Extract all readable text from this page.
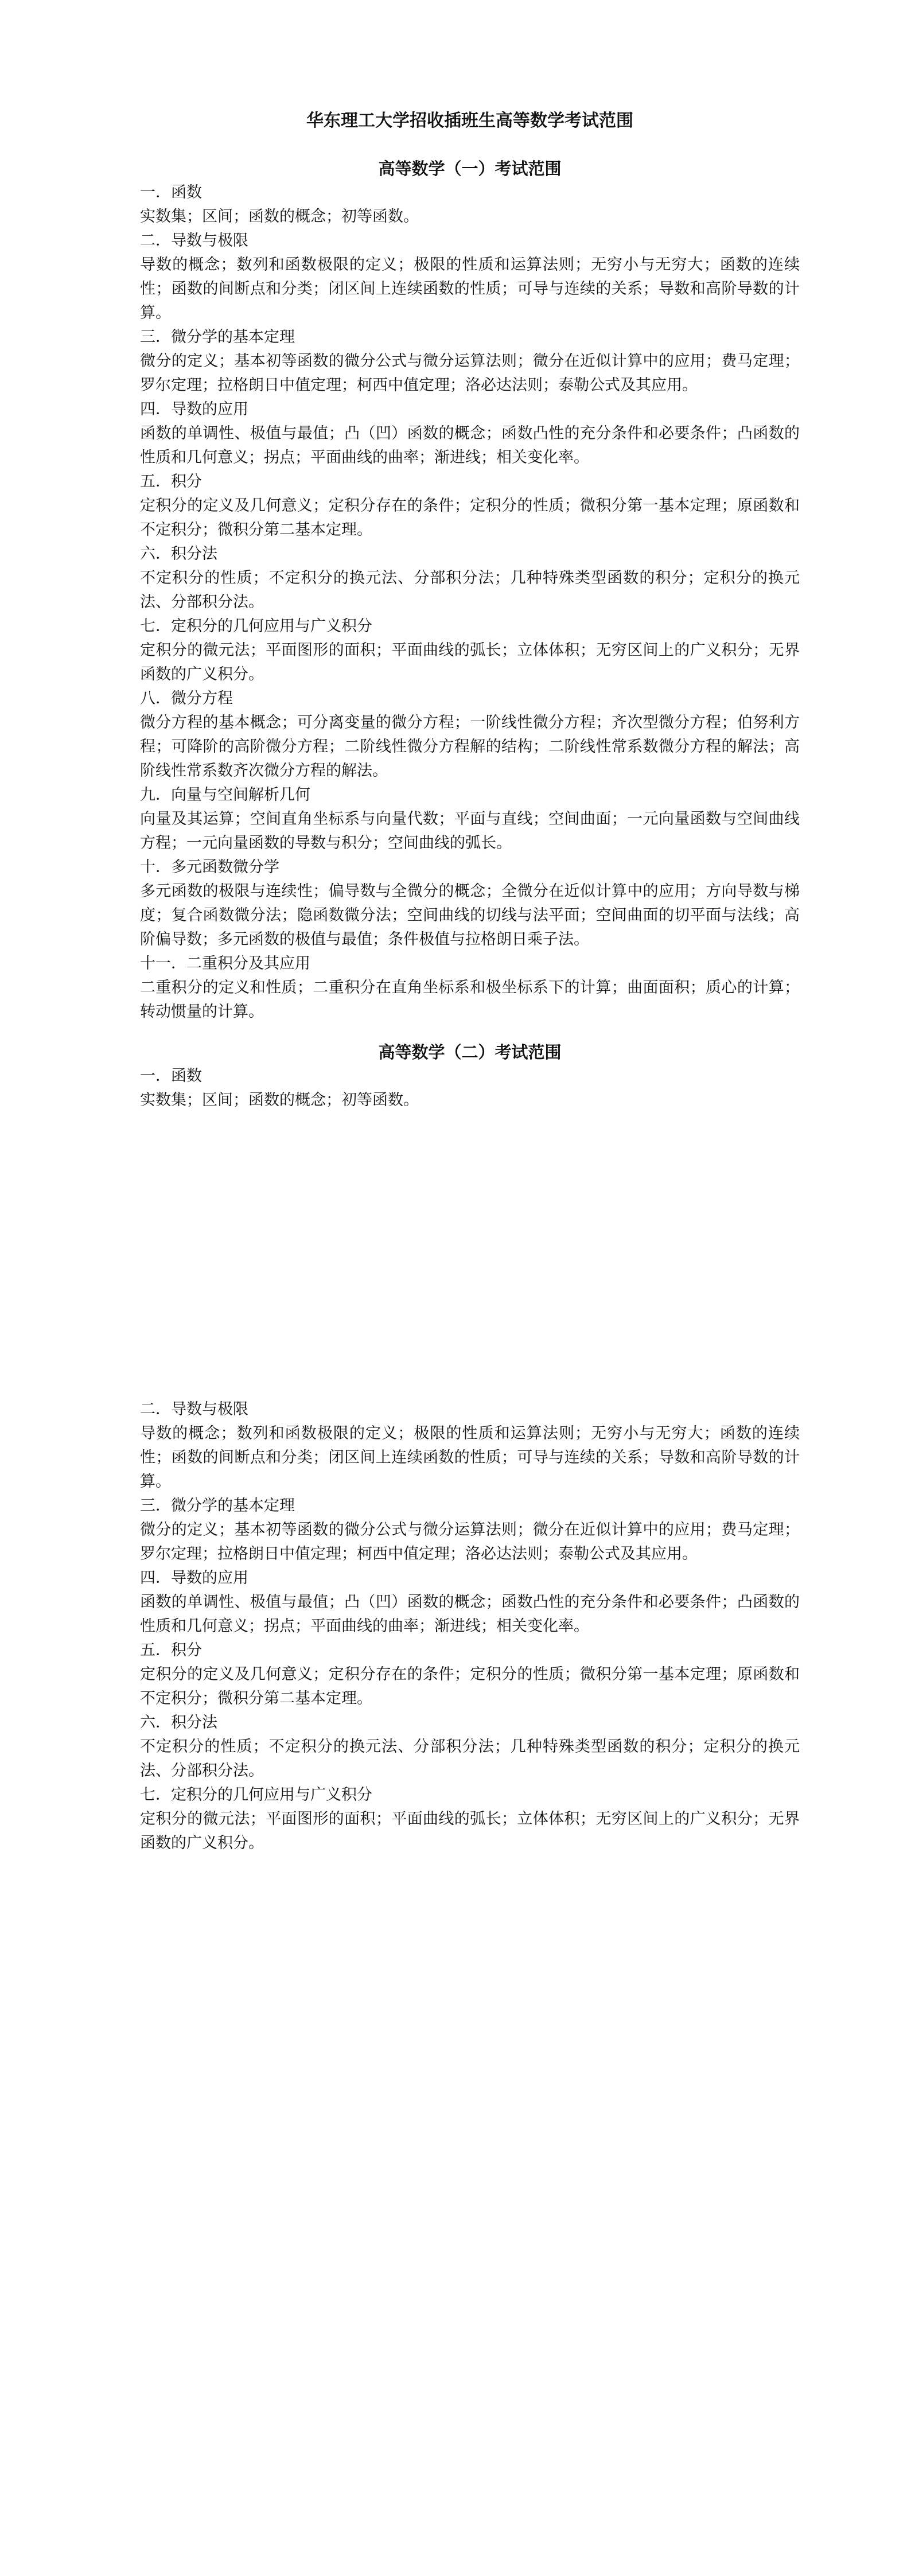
华东理工大学招收插班生高等数学考试范围
高等数学（一）考试范围

一．函数

实数集；区间；函数的概念；初等函数。

二．导数与极限

导数的概念；数列和函数极限的定义；极限的性质和运算法则；无穷小与无穷大；函数的连续性；函数的间断点和分类；闭区间上连续函数的性质；可导与连续的关系；导数和高阶导数的计算。

三．微分学的基本定理

微分的定义；基本初等函数的微分公式与微分运算法则；微分在近似计算中的应用；费马定理；罗尔定理；拉格朗日中值定理；柯西中值定理；洛必达法则；泰勒公式及其应用。

四．导数的应用

函数的单调性、极值与最值；凸（凹）函数的概念；函数凸性的充分条件和必要条件；凸函数的性质和几何意义；拐点；平面曲线的曲率；渐进线；相关变化率。

五．积分

定积分的定义及几何意义；定积分存在的条件；定积分的性质；微积分第一基本定理；原函数和不定积分；微积分第二基本定理。

六．积分法

不定积分的性质；不定积分的换元法、分部积分法；几种特殊类型函数的积分；定积分的换元法、分部积分法。

七．定积分的几何应用与广义积分

定积分的微元法；平面图形的面积；平面曲线的弧长；立体体积；无穷区间上的广义积分；无界函数的广义积分。

八．微分方程

微分方程的基本概念；可分离变量的微分方程；一阶线性微分方程；齐次型微分方程；伯努利方程；可降阶的高阶微分方程；二阶线性微分方程解的结构；二阶线性常系数微分方程的解法；高阶线性常系数齐次微分方程的解法。

九．向量与空间解析几何

向量及其运算；空间直角坐标系与向量代数；平面与直线；空间曲面；一元向量函数与空间曲线方程；一元向量函数的导数与积分；空间曲线的弧长。

十．多元函数微分学

多元函数的极限与连续性；偏导数与全微分的概念；全微分在近似计算中的应用；方向导数与梯度；复合函数微分法；隐函数微分法；空间曲线的切线与法平面；空间曲面的切平面与法线；高阶偏导数；多元函数的极值与最值；条件极值与拉格朗日乘子法。

十一．二重积分及其应用

二重积分的定义和性质；二重积分在直角坐标系和极坐标系下的计算；曲面面积；质心的计算；转动惯量的计算。

高等数学（二）考试范围

一．函数

实数集；区间；函数的概念；初等函数。

二．导数与极限

导数的概念；数列和函数极限的定义；极限的性质和运算法则；无穷小与无穷大；函数的连续性；函数的间断点和分类；闭区间上连续函数的性质；可导与连续的关系；导数和高阶导数的计算。

三．微分学的基本定理

微分的定义；基本初等函数的微分公式与微分运算法则；微分在近似计算中的应用；费马定理；罗尔定理；拉格朗日中值定理；柯西中值定理；洛必达法则；泰勒公式及其应用。

四．导数的应用

函数的单调性、极值与最值；凸（凹）函数的概念；函数凸性的充分条件和必要条件；凸函数的性质和几何意义；拐点；平面曲线的曲率；渐进线；相关变化率。

五．积分

定积分的定义及几何意义；定积分存在的条件；定积分的性质；微积分第一基本定理；原函数和不定积分；微积分第二基本定理。

六．积分法

不定积分的性质；不定积分的换元法、分部积分法；几种特殊类型函数的积分；定积分的换元法、分部积分法。

七．定积分的几何应用与广义积分

定积分的微元法；平面图形的面积；平面曲线的弧长；立体体积；无穷区间上的广义积分；无界函数的广义积分。
